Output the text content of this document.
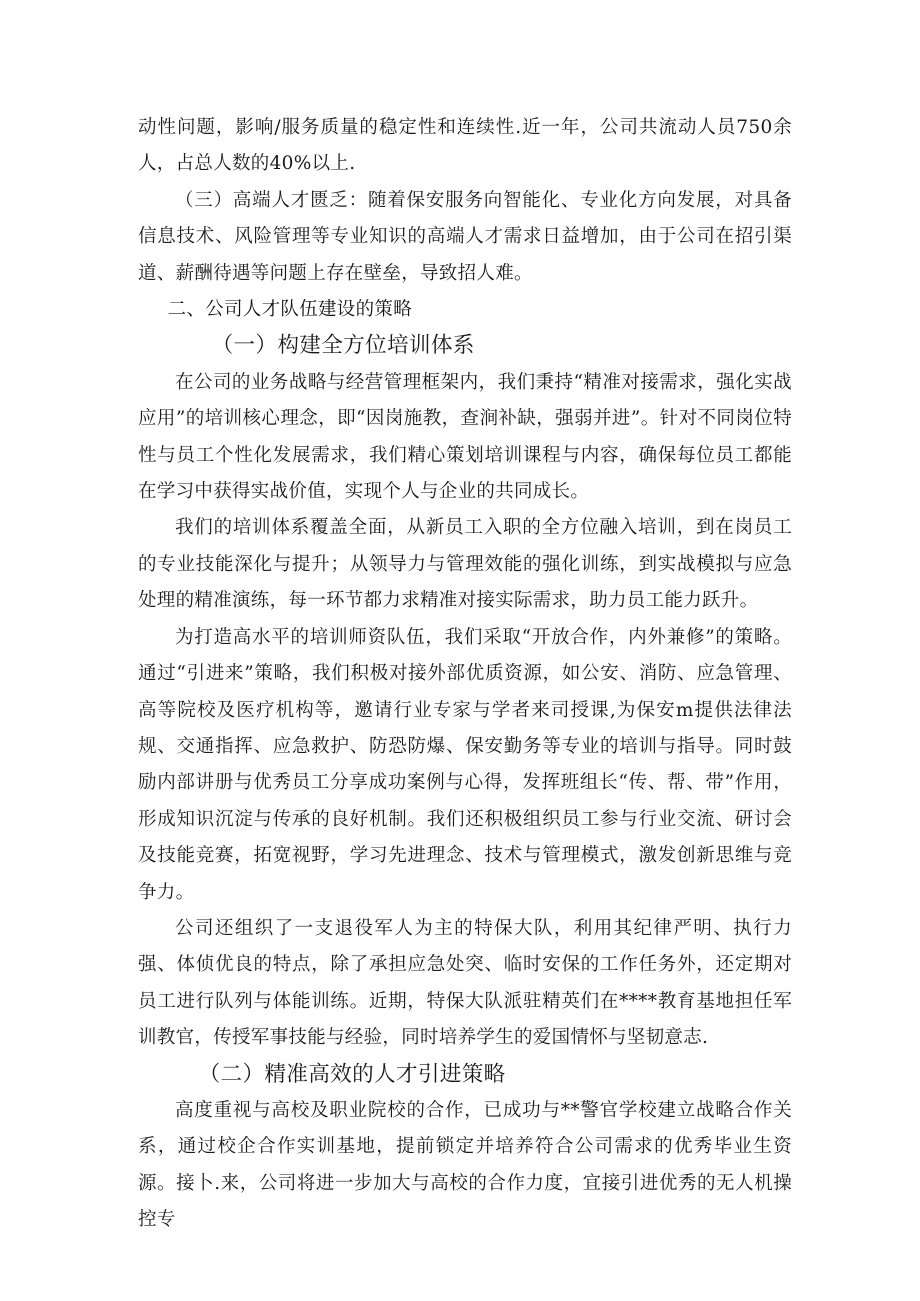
动性问题，影响/服务质量的稳定性和连续性.近一年，公司共流动人员750余人，占总人数的40%以上.

（三）高端人才匮乏：随着保安服务向智能化、专业化方向发展，对具备信息技术、风险管理等专业知识的高端人才需求日益增加，由于公司在招引渠道、薪酬待遇等问题上存在壁垒，导致招人难。

二、公司人才队伍建设的策略
（一）构建全方位培训体系

在公司的业务战略与经营管理框架内，我们秉持“精准对接需求，强化实战应用”的培训核心理念，即“因岗施教，查涧补缺，强弱并进”。针对不同岗位特性与员工个性化发展需求，我们精心策划培训课程与内容，确保每位员工都能在学习中获得实战价值，实现个人与企业的共同成长。

我们的培训体系覆盖全面，从新员工入职的全方位融入培训，到在岗员工的专业技能深化与提升；从领导力与管理效能的强化训练，到实战模拟与应急处理的精准演练，每一环节都力求精准对接实际需求，助力员工能力跃升。

为打造高水平的培训师资队伍，我们采取“开放合作，内外兼修”的策略。通过“引进来”策略，我们积极对接外部优质资源，如公安、消防、应急管理、高等院校及医疗机构等，邀请行业专家与学者来司授课,为保安m提供法律法规、交通指挥、应急救护、防恐防爆、保安勤务等专业的培训与指导。同时鼓励内部讲册与优秀员工分享成功案例与心得，发挥班组长“传、帮、带”作用，形成知识沉淀与传承的良好机制。我们还积极组织员工参与行业交流、研讨会及技能竞赛，拓宽视野，学习先进理念、技术与管理模式，激发创新思维与竞争力。

公司还组织了一支退役军人为主的特保大队，利用其纪律严明、执行力强、体侦优良的特点，除了承担应急处突、临时安保的工作任务外，还定期对员工进行队列与体能训练。近期，特保大队派驻精英们在****教育基地担任军训教官，传授军事技能与经验，同时培养学生的爱国情怀与坚韧意志.

（二）精准高效的人才引进策略

高度重视与高校及职业院校的合作，已成功与**警官学校建立战略合作关系，通过校企合作实训基地，提前锁定并培养符合公司需求的优秀毕业生资源。接卜.来，公司将进一步加大与高校的合作力度，宜接引进优秀的无人机操控专
